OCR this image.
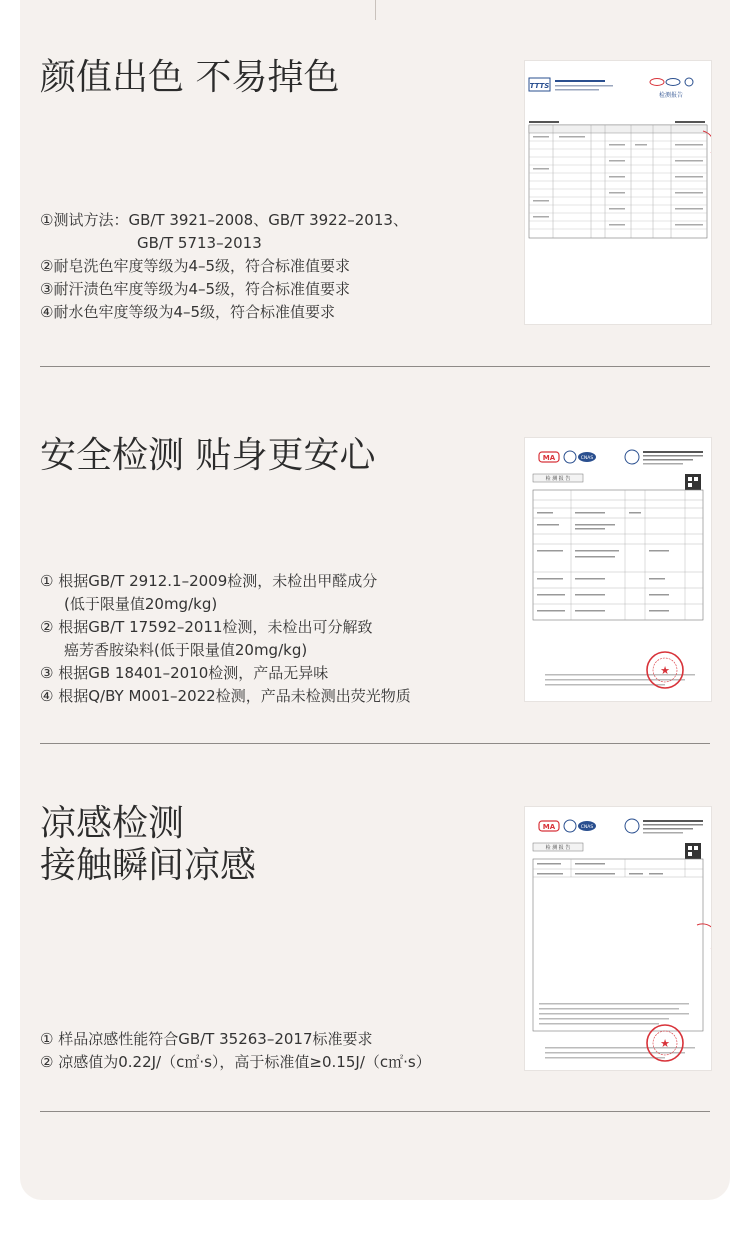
颜值出色 不易掉色
①测试方法：GB/T 3921–2008、GB/T 3922–2013、
GB/T 5713–2013
②耐皂洗色牢度等级为4–5级，符合标准值要求
③耐汗渍色牢度等级为4–5级，符合标准值要求
④耐水色牢度等级为4–5级，符合标准值要求
TTTS
检测报告
安全检测 贴身更安心
① 根据GB/T 2912.1–2009检测，未检出甲醛成分
(低于限量值20mg/kg)
② 根据GB/T 17592–2011检测，未检出可分解致
癌芳香胺染料(低于限量值20mg/kg)
③ 根据GB 18401–2010检测，产品无异味
④ 根据Q/BY M001–2022检测，产品未检测出荧光物质
MA	CNAS
检 测 报 告
★
凉感检测
接触瞬间凉感
① 样品凉感性能符合GB/T 35263–2017标准要求
② 凉感值为0.22J/（c㎡·s），高于标准值≥0.15J/（c㎡·s）
MA	CNAS
检 测 报 告
★
